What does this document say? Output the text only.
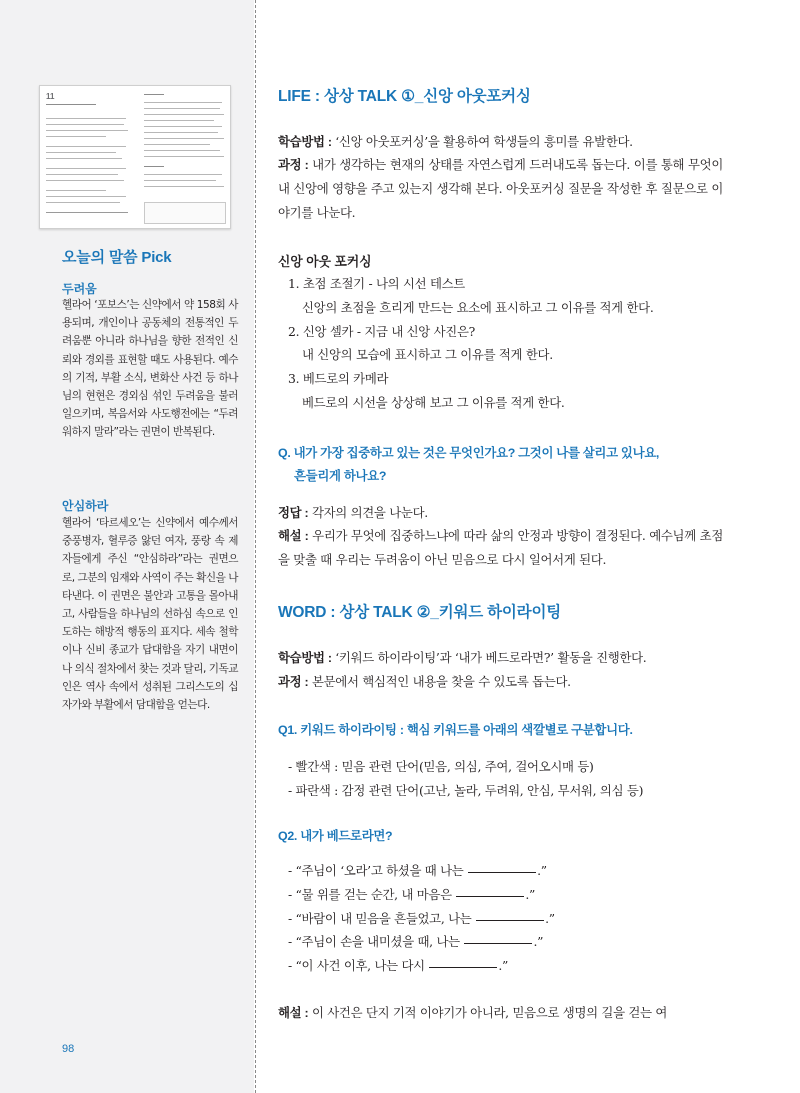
11
오늘의 말씀 Pick
두려움
헬라어 ‘포보스’는 신약에서 약 158회 사용되며, 개인이나 공동체의 전통적인 두려움뿐 아니라 하나님을 향한 전적인 신뢰와 경외를 표현할 때도 사용된다. 예수의 기적, 부활 소식, 변화산 사건 등 하나님의 현현은 경외심 섞인 두려움을 불러일으키며, 복음서와 사도행전에는 “두려워하지 말라”라는 권면이 반복된다.
안심하라
헬라어 ‘타르세오’는 신약에서 예수께서 중풍병자, 혈루증 앓던 여자, 풍랑 속 제자들에게 주신 “안심하라”라는 권면으로, 그분의 임재와 사역이 주는 확신을 나타낸다. 이 권면은 불안과 고통을 몰아내고, 사람들을 하나님의 선하심 속으로 인도하는 해방적 행동의 표지다. 세속 철학이나 신비 종교가 답대함을 자기 내면이나 의식 절차에서 찾는 것과 달리, 기독교인은 역사 속에서 성취된 그리스도의 십자가와 부활에서 담대함을 얻는다.
98
LIFE : 상상 TALK ①_신앙 아웃포커싱
학습방법 : ‘신앙 아웃포커싱’을 활용하여 학생들의 흥미를 유발한다.
과정 : 내가 생각하는 현재의 상태를 자연스럽게 드러내도록 돕는다. 이를 통해 무엇이 내 신앙에 영향을 주고 있는지 생각해 본다. 아웃포커싱 질문을 작성한 후 질문으로 이야기를 나눈다.
신앙 아웃 포커싱
1. 초점 조절기 - 나의 시선 테스트
신앙의 초점을 흐리게 만드는 요소에 표시하고 그 이유를 적게 한다.
2. 신앙 셀카 - 지금 내 신앙 사진은?
내 신앙의 모습에 표시하고 그 이유를 적게 한다.
3. 베드로의 카메라
베드로의 시선을 상상해 보고 그 이유를 적게 한다.
Q. 내가 가장 집중하고 있는 것은 무엇인가요? 그것이 나를 살리고 있나요,
흔들리게 하나요?
정답 : 각자의 의견을 나눈다.
해설 : 우리가 무엇에 집중하느냐에 따라 삶의 안정과 방향이 결정된다. 예수님께 초점을 맞출 때 우리는 두려움이 아닌 믿음으로 다시 일어서게 된다.
WORD : 상상 TALK ②_키워드 하이라이팅
학습방법 : ‘키워드 하이라이팅’과 ‘내가 베드로라면?’ 활동을 진행한다.
과정 : 본문에서 핵심적인 내용을 찾을 수 있도록 돕는다.
Q1. 키워드 하이라이팅 : 핵심 키워드를 아래의 색깔별로 구분합니다.
- 빨간색 : 믿음 관련 단어(믿음, 의심, 주여, 걸어오시매 등)
- 파란색 : 감정 관련 단어(고난, 놀라, 두려워, 안심, 무서워, 의심 등)
Q2. 내가 베드로라면?
- “주님이 ‘오라’고 하셨을 때 나는	.”
- “물 위를 걷는 순간, 내 마음은	.”
- “바람이 내 믿음을 흔들었고, 나는	.”
- “주님이 손을 내미셨을 때, 나는	.”
- “이 사건 이후, 나는 다시	.”
해설 : 이 사건은 단지 기적 이야기가 아니라, 믿음으로 생명의 길을 걷는 여
